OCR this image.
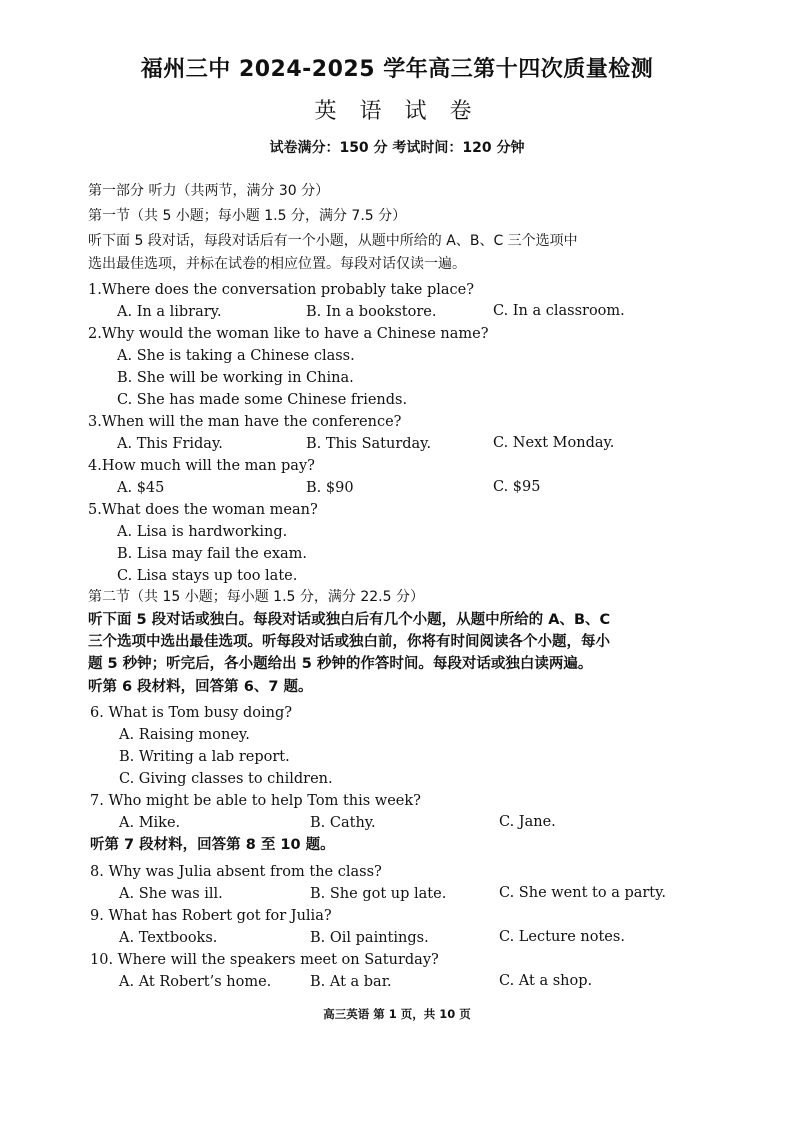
福州三中 2024-2025 学年高三第十四次质量检测
英 语 试 卷
试卷满分：150 分 考试时间：120 分钟
第一部分 听力（共两节，满分 30 分）
第一节（共 5 小题；每小题 1.5 分，满分 7.5 分）
听下面 5 段对话，每段对话后有一个小题，从题中所给的 A、B、C 三个选项中
选出最佳选项，并标在试卷的相应位置。每段对话仅读一遍。
1.Where does the conversation probably take place?
A. In a library.	B. In a bookstore.	C. In a classroom.
2.Why would the woman like to have a Chinese name?
A. She is taking a Chinese class.
B. She will be working in China.
C. She has made some Chinese friends.
3.When will the man have the conference?
A. This Friday.	B. This Saturday.	C. Next Monday.
4.How much will the man pay?
A. $45	B. $90	C. $95
5.What does the woman mean?
A. Lisa is hardworking.
B. Lisa may fail the exam.
C. Lisa stays up too late.
第二节（共 15 小题；每小题 1.5 分，满分 22.5 分）
听下面 5 段对话或独白。每段对话或独白后有几个小题，从题中所给的 A、B、C
三个选项中选出最佳选项。听每段对话或独白前，你将有时间阅读各个小题，每小
题 5 秒钟；听完后，各小题给出 5 秒钟的作答时间。每段对话或独白读两遍。
听第 6 段材料，回答第 6、7 题。
6. What is Tom busy doing?
A. Raising money.
B. Writing a lab report.
C. Giving classes to children.
7. Who might be able to help Tom this week?
A. Mike.	B. Cathy.	C. Jane.
听第 7 段材料，回答第 8 至 10 题。
8. Why was Julia absent from the class?
A. She was ill.	B. She got up late.	C. She went to a party.
9. What has Robert got for Julia?
A. Textbooks.	B. Oil paintings.	C. Lecture notes.
10. Where will the speakers meet on Saturday?
A. At Robert’s home.	B. At a bar.	C. At a shop.
高三英语 第 1 页，共 10 页
